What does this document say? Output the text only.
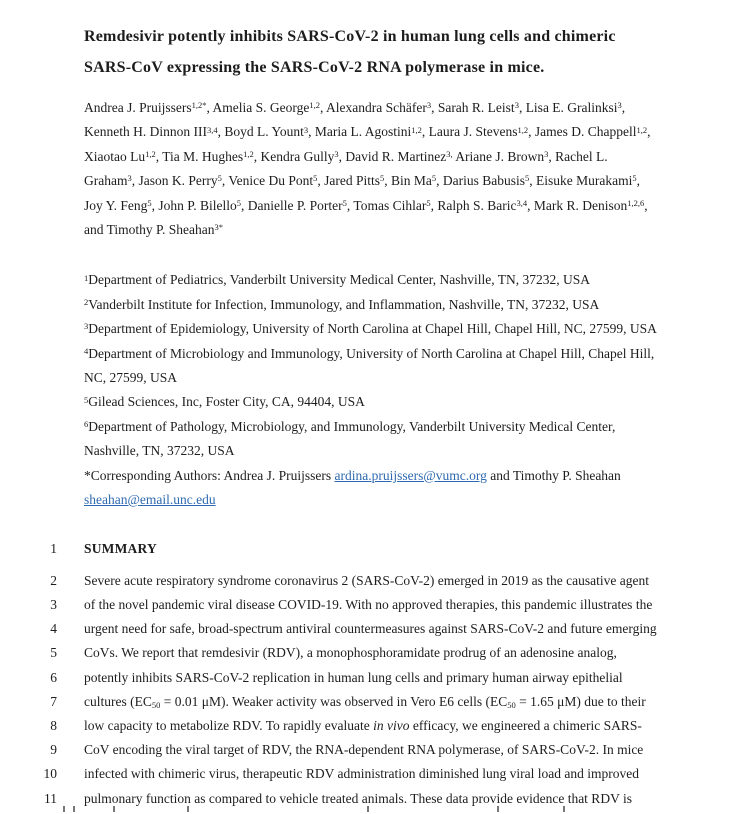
Remdesivir potently inhibits SARS-CoV-2 in human lung cells and chimeric
SARS-CoV expressing the SARS-CoV-2 RNA polymerase in mice.
Andrea J. Pruijssers$^{1,2*}$, Amelia S. George$^{1,2}$, Alexandra Schäfer$^3$, Sarah R. Leist$^3$, Lisa E. Gralinksi$^3$,
Kenneth H. Dinnon III$^{3,4}$, Boyd L. Yount$^3$, Maria L. Agostini$^{1,2}$, Laura J. Stevens$^{1,2}$, James D. Chappell$^{1,2}$,
Xiaotao Lu$^{1,2}$, Tia M. Hughes$^{1,2}$, Kendra Gully$^3$, David R. Martinez$^{3,}$ Ariane J. Brown$^3$, Rachel L.
Graham$^3$, Jason K. Perry$^5$, Venice Du Pont$^5$, Jared Pitts$^5$, Bin Ma$^5$, Darius Babusis$^5$, Eisuke Murakami$^5$,
Joy Y. Feng$^5$, John P. Bilello$^5$, Danielle P. Porter$^5$, Tomas Cihlar$^5$, Ralph S. Baric$^{3,4}$, Mark R. Denison$^{1,2,6}$,
and Timothy P. Sheahan$^{3*}$
$^1$Department of Pediatrics, Vanderbilt University Medical Center, Nashville, TN, 37232, USA
$^2$Vanderbilt Institute for Infection, Immunology, and Inflammation, Nashville, TN, 37232, USA
$^3$Department of Epidemiology, University of North Carolina at Chapel Hill, Chapel Hill, NC, 27599, USA
$^4$Department of Microbiology and Immunology, University of North Carolina at Chapel Hill, Chapel Hill,
NC, 27599, USA
$^5$Gilead Sciences, Inc, Foster City, CA, 94404, USA
$^6$Department of Pathology, Microbiology, and Immunology, Vanderbilt University Medical Center,
Nashville, TN, 37232, USA
*Corresponding Authors: Andrea J. Pruijssers ardina.pruijssers@vumc.org and Timothy P. Sheahan
sheahan@email.unc.edu
1 SUMMARY
2 Severe acute respiratory syndrome coronavirus 2 (SARS-CoV-2) emerged in 2019 as the causative agent
3 of the novel pandemic viral disease COVID-19. With no approved therapies, this pandemic illustrates the
4 urgent need for safe, broad-spectrum antiviral countermeasures against SARS-CoV-2 and future emerging
5 CoVs. We report that remdesivir (RDV), a monophosphoramidate prodrug of an adenosine analog,
6 potently inhibits SARS-CoV-2 replication in human lung cells and primary human airway epithelial
7 cultures ($EC_{50} = 0.01$ μM). Weaker activity was observed in Vero E6 cells ($EC_{50} = 1.65$ μM) due to their
8 low capacity to metabolize RDV. To rapidly evaluate in vivo efficacy, we engineered a chimeric SARS-
9 CoV encoding the viral target of RDV, the RNA-dependent RNA polymerase, of SARS-CoV-2. In mice
10 infected with chimeric virus, therapeutic RDV administration diminished lung viral load and improved
11 pulmonary function as compared to vehicle treated animals. These data provide evidence that RDV is
